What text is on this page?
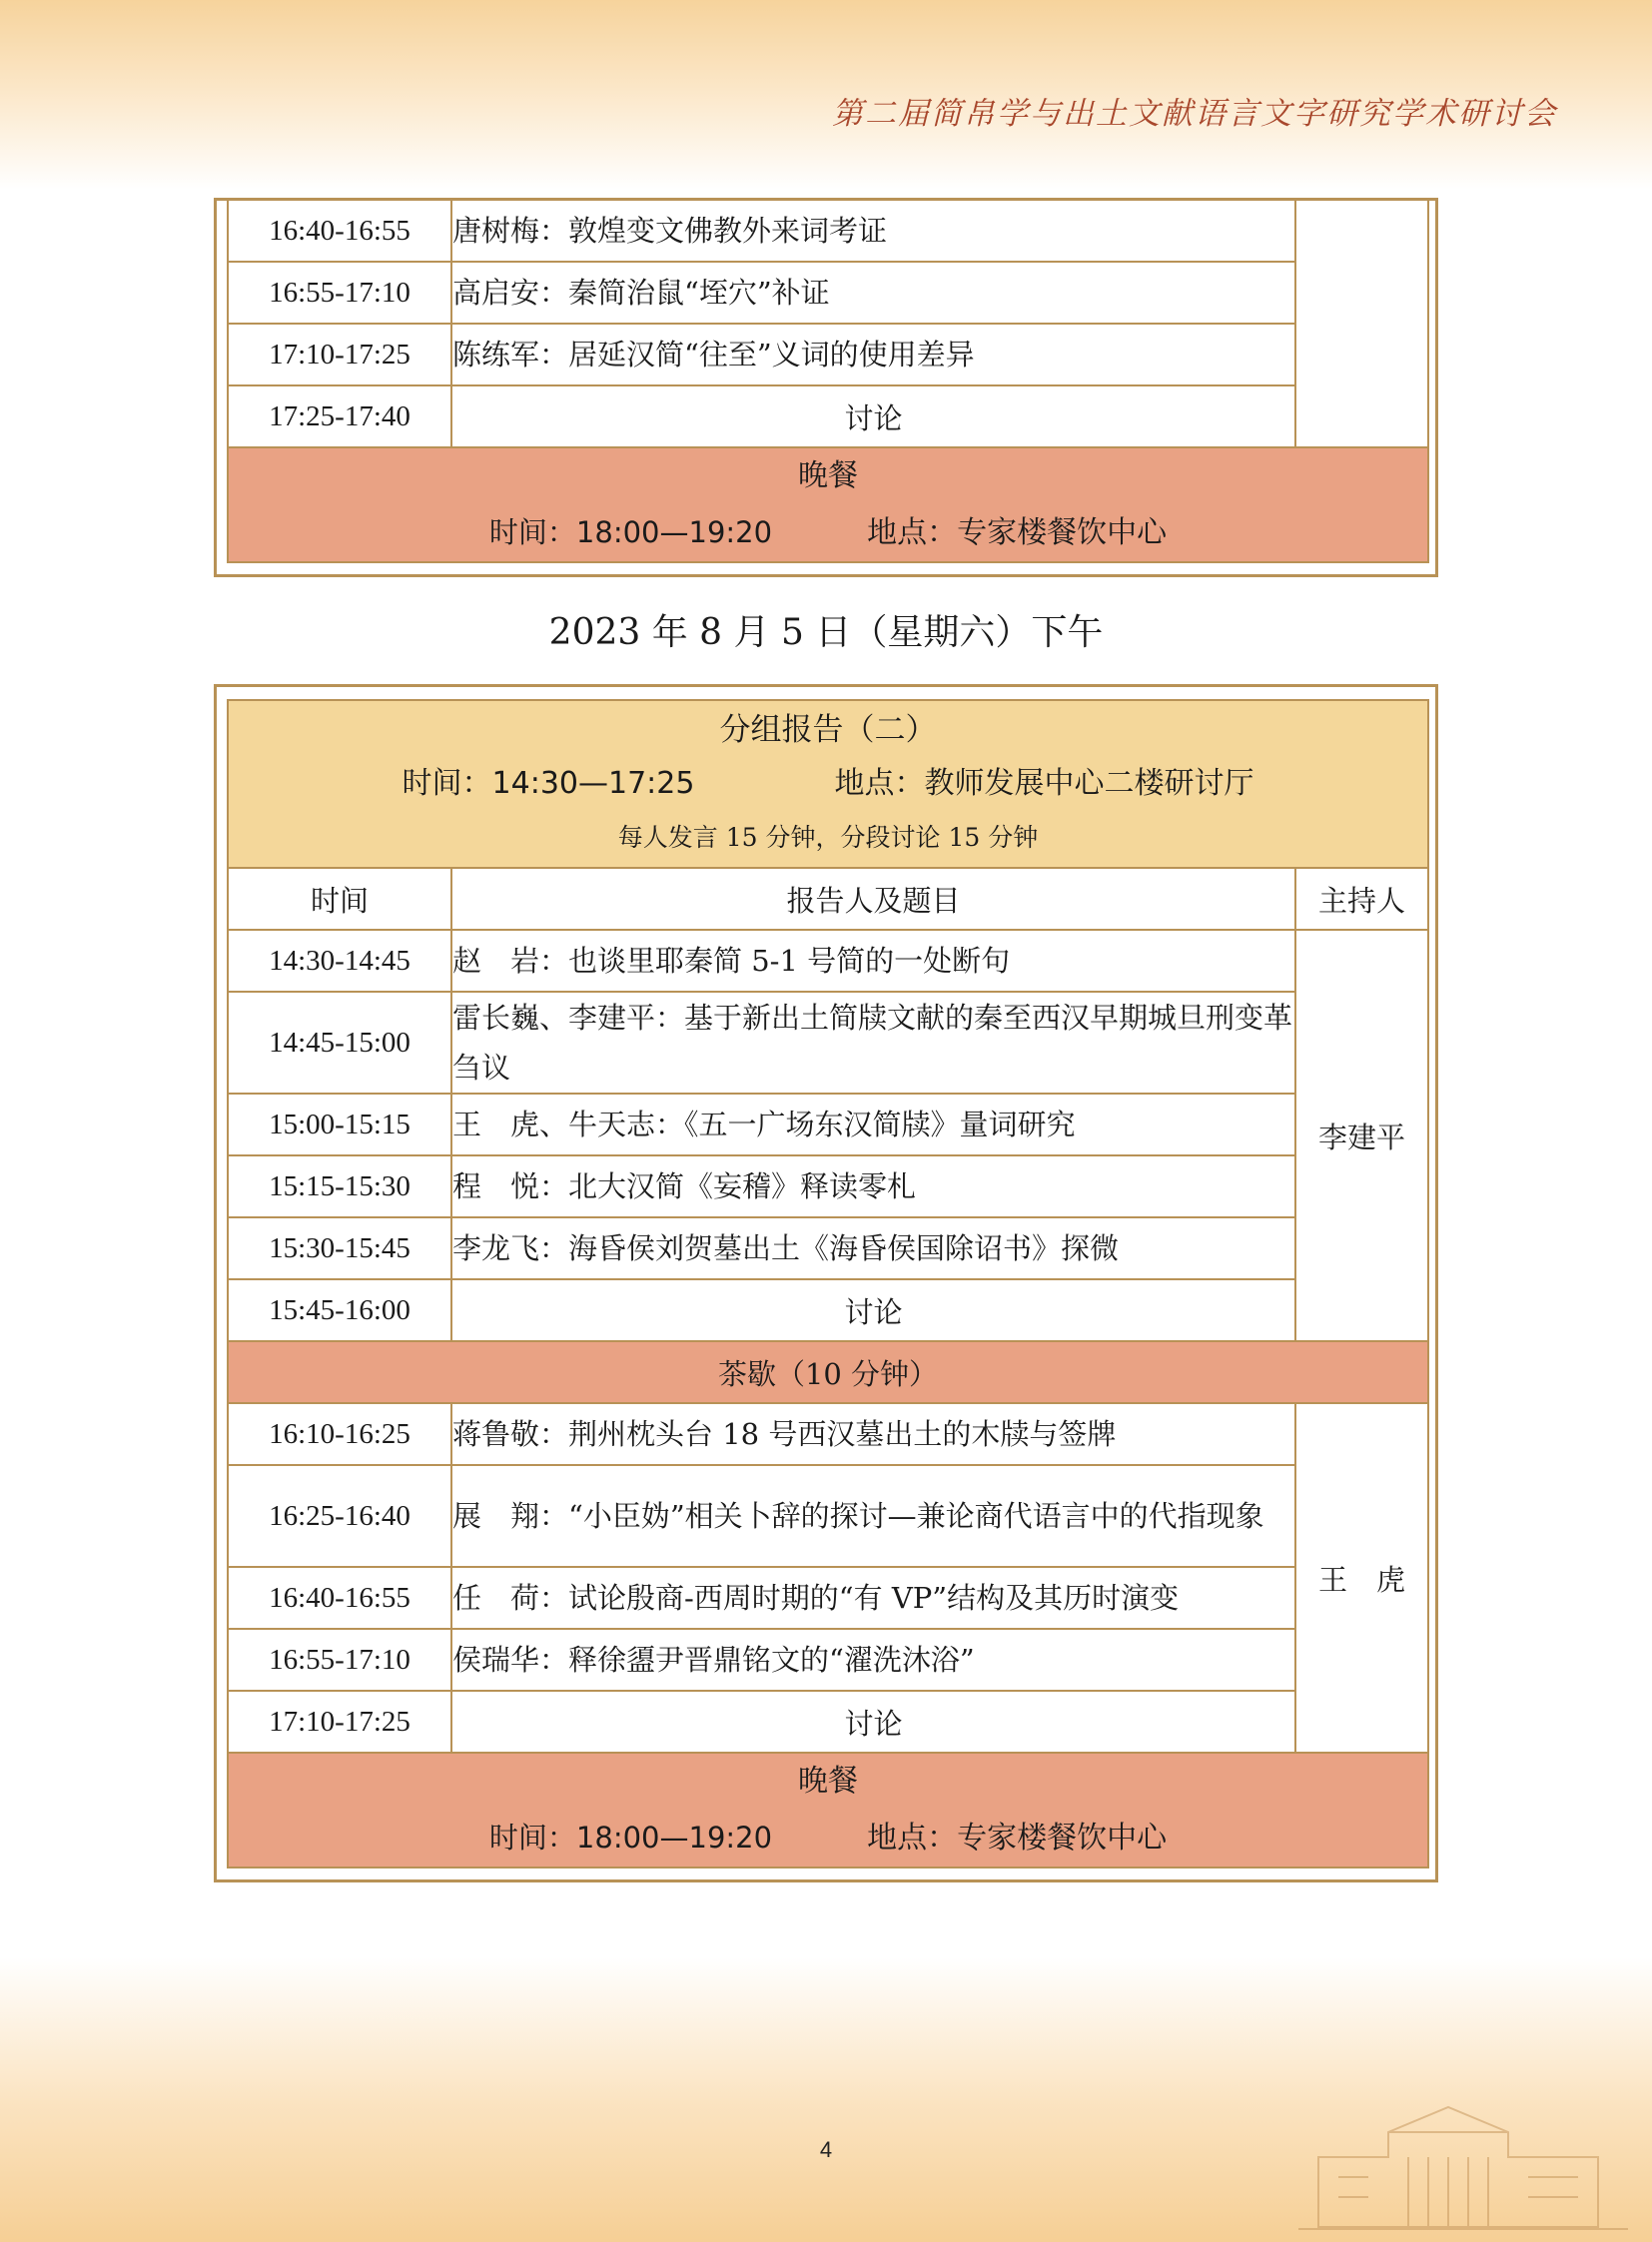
第二届简帛学与出土文献语言文字研究学术研讨会
16:40-16:55	唐树梅：敦煌变文佛教外来词考证	
16:55-17:10	高启安：秦简治鼠“垤穴”补证	
17:10-17:25	陈练军：居延汉简“往至”义词的使用差异	
17:25-17:40	讨论	

晚餐
时间：18:00—19:20 地点：专家楼餐饮中心		
2023 年 8 月 5 日（星期六）下午
分组报告（二）
时间：14:30—17:25 地点：教师发展中心二楼研讨厅
每人发言 15 分钟，分段讨论 15 分钟		

时间	报告人及题目	主持人
14:30-14:45	赵　岩：也谈里耶秦简 5-1 号简的一处断句	李建平
14:45-15:00	雷长巍、李建平：基于新出土简牍文献的秦至西汉早期城旦刑变革刍议	
15:00-15:15	王　虎、牛天志：《五一广场东汉简牍》量词研究	
15:15-15:30	程　悦：北大汉简《妄稽》释读零札	
15:30-15:45	李龙飞：海昏侯刘贺墓出土《海昏侯国除诏书》探微	
15:45-16:00	讨论	
茶歇（10 分钟）		
16:10-16:25	蒋鲁敬：荆州枕头台 18 号西汉墓出土的木牍与签牌	王　虎
16:25-16:40	展　翔：“小臣妫”相关卜辞的探讨—兼论商代语言中的代指现象	
16:40-16:55	任　荷：试论殷商-西周时期的“有 VP”结构及其历时演变	
16:55-17:10	侯瑞华：释徐盨尹晋鼎铭文的“濯洗沐浴”	
17:10-17:25	讨论	

晚餐
时间：18:00—19:20 地点：专家楼餐饮中心		
4
